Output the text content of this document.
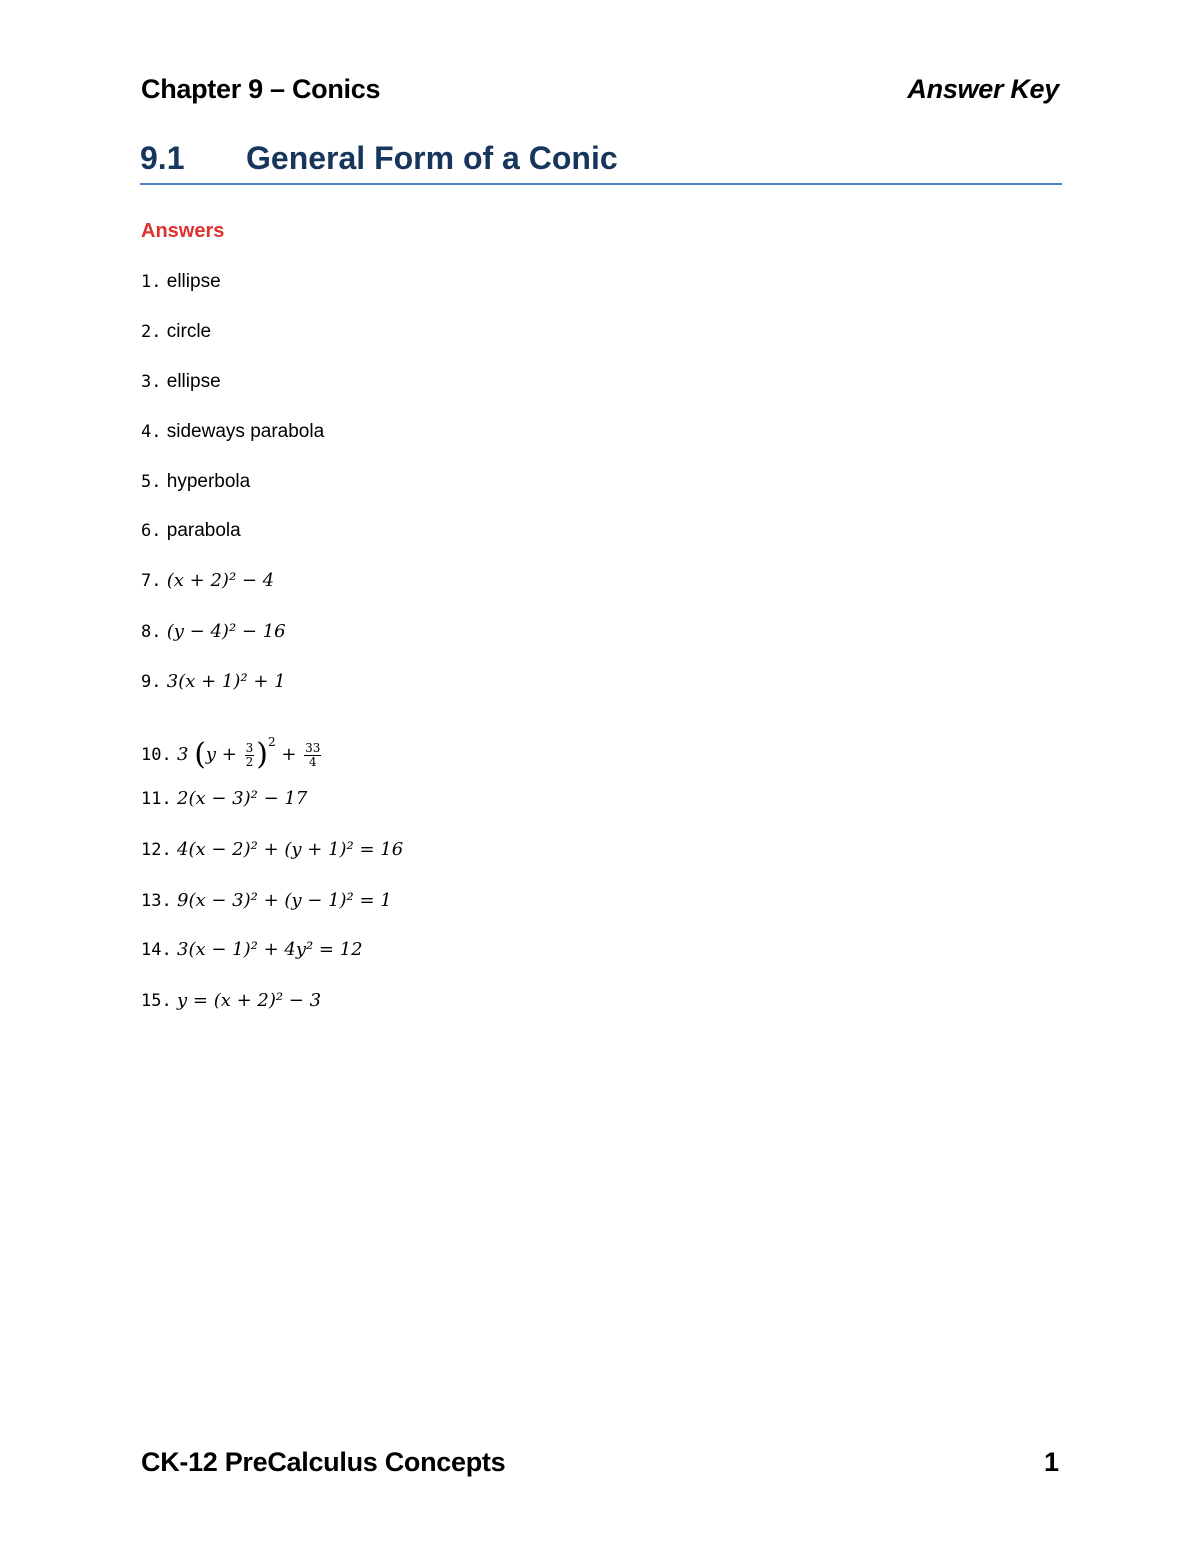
Chapter 9 – Conics	Answer Key
9.1 General Form of a Conic
Answers
1. ellipse
2. circle
3. ellipse
4. sideways parabola
5. hyperbola
6. parabola
7. (x + 2)² − 4
8. (y − 4)² − 16
9. 3(x + 1)² + 1
10. 3 $(y + \frac{3}{2} )^2 + \frac{33}{4}$
11. 2(x − 3)² − 17
12. 4(x − 2)² + (y + 1)² = 16
13. 9(x − 3)² + (y − 1)² = 1
14. 3(x − 1)² + 4y² = 12
15. y = (x + 2)² − 3
CK-12 PreCalculus Concepts	1
